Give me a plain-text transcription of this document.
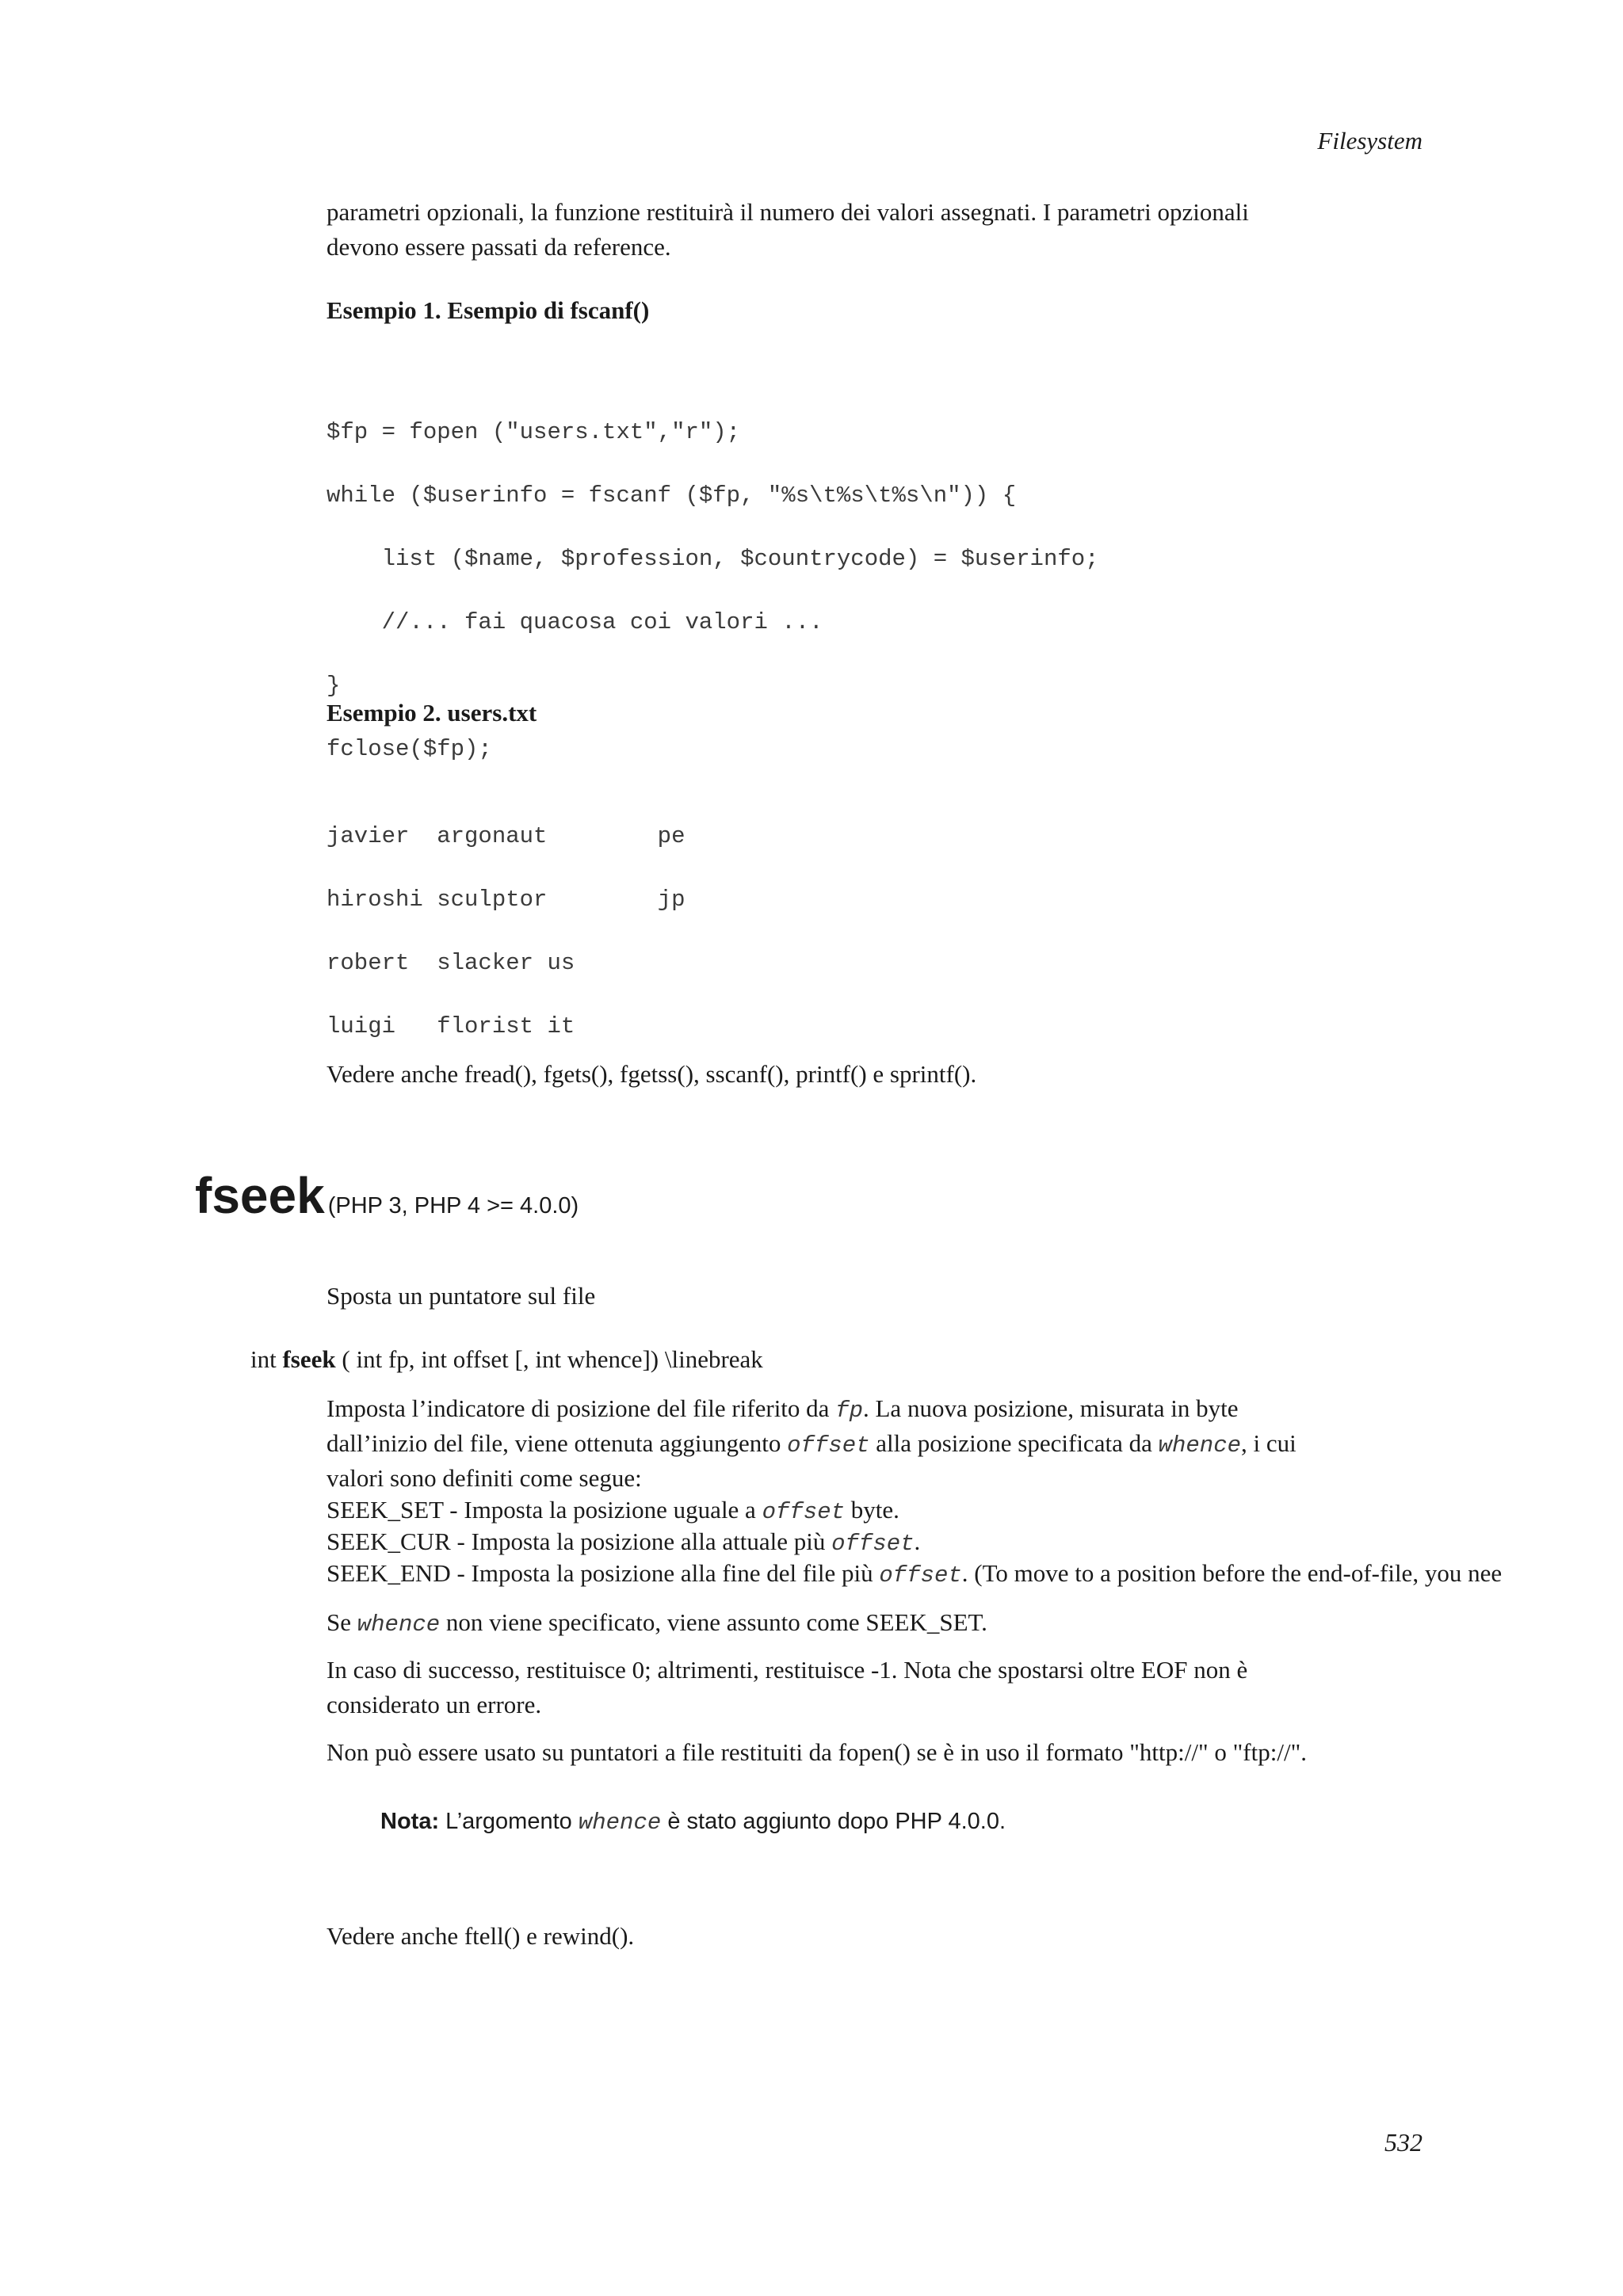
Filesystem
parametri opzionali, la funzione restituirà il numero dei valori assegnati. I parametri opzionali
devono essere passati da reference.
Esempio 1. Esempio di fscanf()

$fp = fopen ("users.txt","r");

while ($userinfo = fscanf ($fp, "%s\t%s\t%s\n")) {

list ($name, $profession, $countrycode) = $userinfo;

//... fai quacosa coi valori ...

}

fclose($fp);

Esempio 2. users.txt

javier  argonaut        pe

hiroshi sculptor        jp

robert  slacker us

luigi   florist it

Vedere anche fread(), fgets(), fgetss(), sscanf(), printf() e sprintf().
fseek (PHP 3, PHP 4 >= 4.0.0)
Sposta un puntatore sul file
int fseek ( int fp, int offset [, int whence]) \linebreak
Imposta l’indicatore di posizione del file riferito da fp. La nuova posizione, misurata in byte
dall’inizio del file, viene ottenuta aggiungento offset alla posizione specificata da whence, i cui
valori sono definiti come segue:
SEEK_SET - Imposta la posizione uguale a offset byte.
SEEK_CUR - Imposta la posizione alla attuale più offset.
SEEK_END - Imposta la posizione alla fine del file più offset. (To move to a position before the end-of-file, you nee
Se whence non viene specificato, viene assunto come SEEK_SET.
In caso di successo, restituisce 0; altrimenti, restituisce -1. Nota che spostarsi oltre EOF non è
considerato un errore.
Non può essere usato su puntatori a file restituiti da fopen() se è in uso il formato "http://" o "ftp://".
Nota: L’argomento whence è stato aggiunto dopo PHP 4.0.0.
Vedere anche ftell() e rewind().
532
